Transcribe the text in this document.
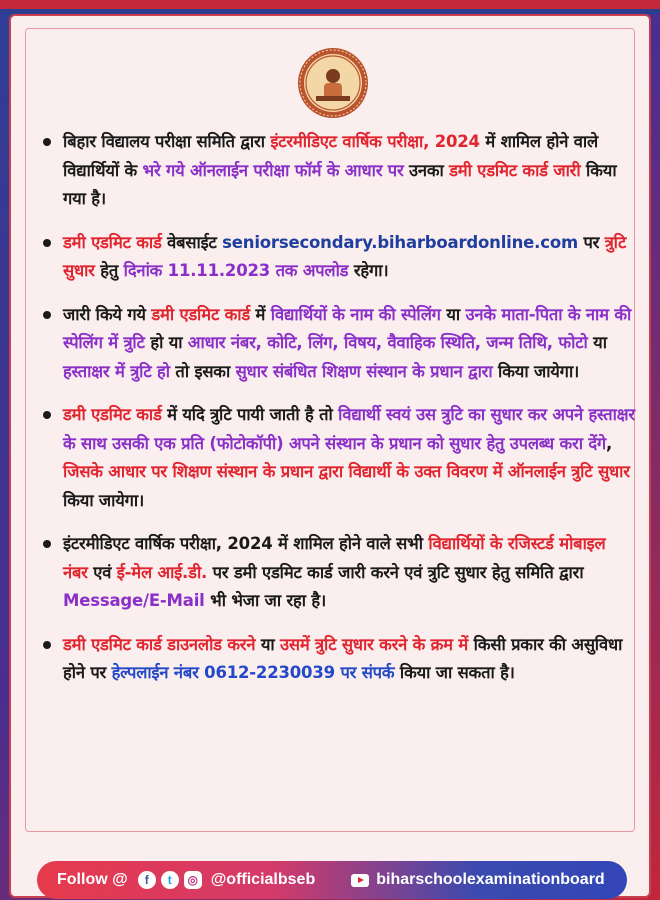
बिहार विद्यालय परीक्षा समिति द्वारा इंटरमीडिएट वार्षिक परीक्षा, 2024 में शामिल होने वाले विद्यार्थियों के भरे गये ऑनलाईन परीक्षा फॉर्म के आधार पर उनका डमी एडमिट कार्ड जारी किया गया है।
डमी एडमिट कार्ड वेबसाईट seniorsecondary.biharboardonline.com पर त्रुटि सुधार हेतु दिनांक 11.11.2023 तक अपलोड रहेगा।
जारी किये गये डमी एडमिट कार्ड में विद्यार्थियों के नाम की स्पेलिंग या उनके माता-पिता के नाम की स्पेलिंग में त्रुटि हो या आधार नंबर, कोटि, लिंग, विषय, वैवाहिक स्थिति, जन्म तिथि, फोटो या हस्ताक्षर में त्रुटि हो तो इसका सुधार संबंधित शिक्षण संस्थान के प्रधान द्वारा किया जायेगा।
डमी एडमिट कार्ड में यदि त्रुटि पायी जाती है तो विद्यार्थी स्वयं उस त्रुटि का सुधार कर अपने हस्ताक्षर के साथ उसकी एक प्रति (फोटोकॉपी) अपने संस्थान के प्रधान को सुधार हेतु उपलब्ध करा देंगे, जिसके आधार पर शिक्षण संस्थान के प्रधान द्वारा विद्यार्थी के उक्त विवरण में ऑनलाईन त्रुटि सुधार किया जायेगा।
इंटरमीडिएट वार्षिक परीक्षा, 2024 में शामिल होने वाले सभी विद्यार्थियों के रजिस्टर्ड मोबाइल नंबर एवं ई-मेल आई.डी. पर डमी एडमिट कार्ड जारी करने एवं त्रुटि सुधार हेतु समिति द्वारा Message/E-Mail भी भेजा जा रहा है।
डमी एडमिट कार्ड डाउनलोड करने या उसमें त्रुटि सुधार करने के क्रम में किसी प्रकार की असुविधा होने पर हेल्पलाईन नंबर 0612-2230039 पर संपर्क किया जा सकता है।
Follow @	f	t	◎ @officialbseb	biharschoolexaminationboard
